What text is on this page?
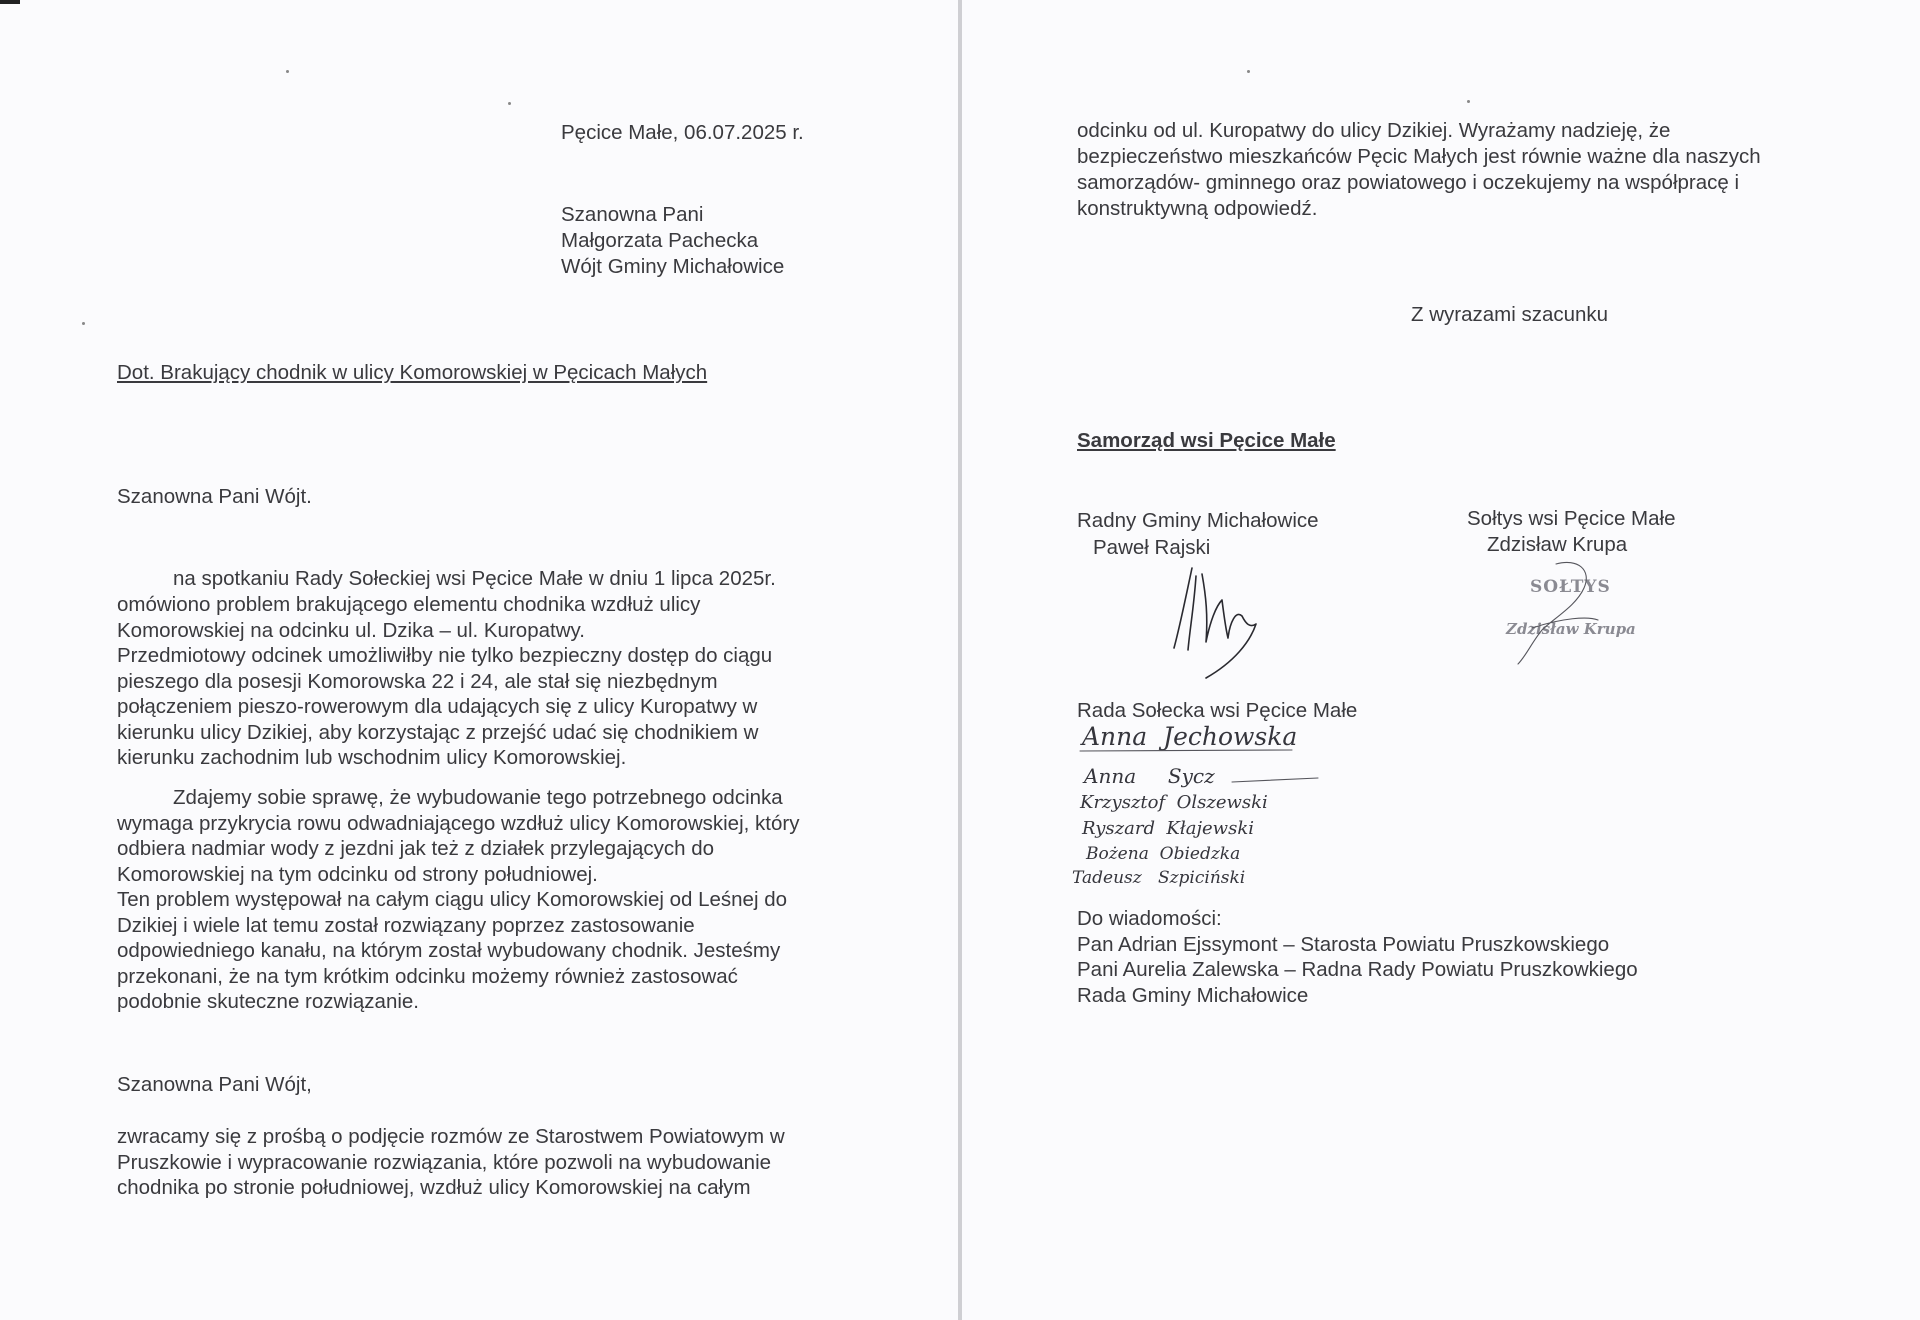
Pęcice Małe, 06.07.2025 r.

Szanowna Pani

Małgorzata Pachecka

Wójt Gminy Michałowice

Dot. Brakujący chodnik w ulicy Komorowskiej w Pęcicach Małych

Szanowna Pani Wójt.

na spotkaniu Rady Sołeckiej wsi Pęcice Małe w dniu 1 lipca 2025r.

omówiono problem brakującego elementu chodnika wzdłuż ulicy

Komorowskiej na odcinku ul. Dzika – ul. Kuropatwy.

Przedmiotowy odcinek umożliwiłby nie tylko bezpieczny dostęp do ciągu

pieszego dla posesji Komorowska 22 i 24, ale stał się niezbędnym

połączeniem pieszo-rowerowym dla udających się z ulicy Kuropatwy w

kierunku ulicy Dzikiej, aby korzystając z przejść udać się chodnikiem w

kierunku zachodnim lub wschodnim ulicy Komorowskiej.

Zdajemy sobie sprawę, że wybudowanie tego potrzebnego odcinka

wymaga przykrycia rowu odwadniającego wzdłuż ulicy Komorowskiej, który

odbiera nadmiar wody z jezdni jak też z działek przylegających do

Komorowskiej na tym odcinku od strony południowej.

Ten problem występował na całym ciągu ulicy Komorowskiej od Leśnej do

Dzikiej i wiele lat temu został rozwiązany poprzez zastosowanie

odpowiedniego kanału, na którym został wybudowany chodnik. Jesteśmy

przekonani, że na tym krótkim odcinku możemy również zastosować

podobnie skuteczne rozwiązanie.

Szanowna Pani Wójt,

zwracamy się z prośbą o podjęcie rozmów ze Starostwem Powiatowym w

Pruszkowie i wypracowanie rozwiązania, które pozwoli na wybudowanie

chodnika po stronie południowej, wzdłuż ulicy Komorowskiej na całym

odcinku od ul. Kuropatwy do ulicy Dzikiej. Wyrażamy nadzieję, że

bezpieczeństwo mieszkańców Pęcic Małych jest równie ważne dla naszych

samorządów- gminnego oraz powiatowego i oczekujemy na współpracę i

konstruktywną odpowiedź.

Z wyrazami szacunku

Samorząd wsi Pęcice Małe

Radny Gminy Michałowice

Paweł Rajski

Sołtys wsi Pęcice Małe

Zdzisław Krupa

SOŁTYS
Zdzisław Krupa

Rada Sołecka wsi Pęcice Małe

Anna  Jechowska
Anna     Sycz
Krzysztof  Olszewski
Ryszard  Kłajewski
Bożena  Obiedzka
Tadeusz   Szpiciński

Do wiadomości:

Pan Adrian Ejssymont – Starosta Powiatu Pruszkowskiego

Pani Aurelia Zalewska – Radna Rady Powiatu Pruszkowkiego

Rada Gminy Michałowice
